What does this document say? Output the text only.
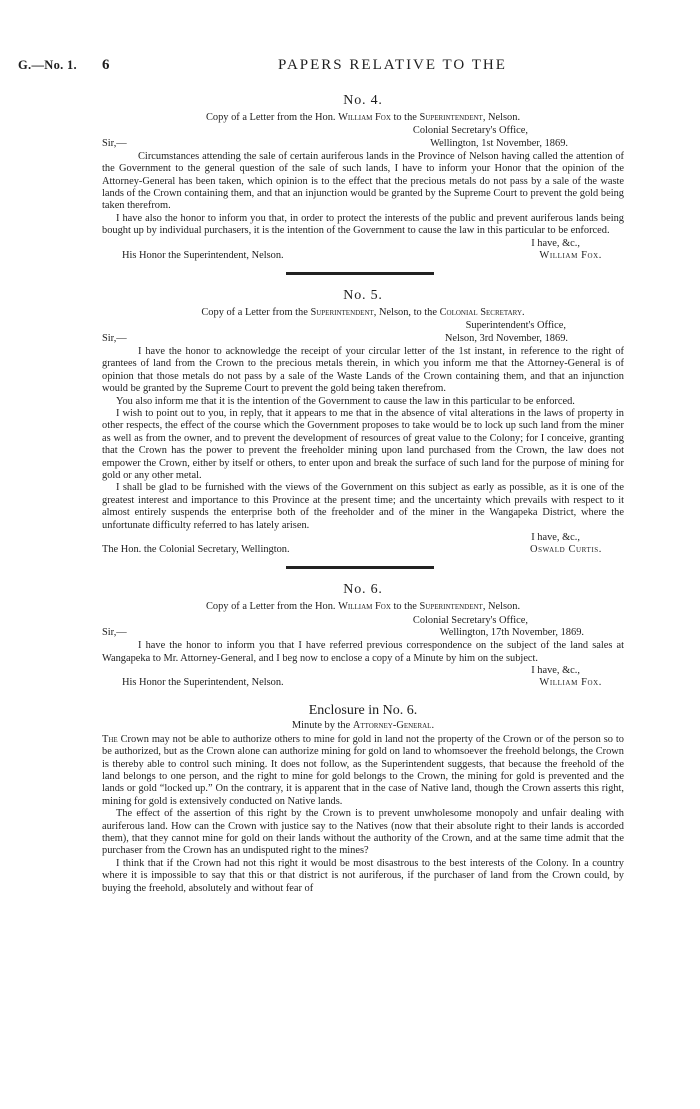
G.—No. 1. 6	PAPERS RELATIVE TO THE
No. 4.
Copy of a Letter from the Hon. William Fox to the Superintendent, Nelson.
Colonial Secretary's Office,
Sir,—	Wellington, 1st November, 1869.

Circumstances attending the sale of certain auriferous lands in the Province of Nelson having called the attention of the Government to the general question of the sale of such lands, I have to inform your Honor that the opinion of the Attorney-General has been taken, which opinion is to the effect that the precious metals do not pass by a sale of the waste lands of the Crown containing them, and that an injunction would be granted by the Supreme Court to prevent the gold being taken therefrom.

I have also the honor to inform you that, in order to protect the interests of the public and prevent auriferous lands being bought up by individual purchasers, it is the intention of the Government to cause the law in this particular to be enforced.

I have, &c.,
His Honor the Superintendent, Nelson.	William Fox.
No. 5.
Copy of a Letter from the Superintendent, Nelson, to the Colonial Secretary.
Superintendent's Office,
Sir,—	Nelson, 3rd November, 1869.

I have the honor to acknowledge the receipt of your circular letter of the 1st instant, in reference to the right of grantees of land from the Crown to the precious metals therein, in which you inform me that the Attorney-General is of opinion that those metals do not pass by a sale of the Waste Lands of the Crown containing them, and that an injunction would be granted by the Supreme Court to prevent the gold being taken therefrom.

You also inform me that it is the intention of the Government to cause the law in this particular to be enforced.

I wish to point out to you, in reply, that it appears to me that in the absence of vital alterations in the laws of property in other respects, the effect of the course which the Government proposes to take would be to lock up such land from the miner as well as from the owner, and to prevent the development of resources of great value to the Colony; for I conceive, granting that the Crown has the power to prevent the freeholder mining upon land purchased from the Crown, the law does not empower the Crown, either by itself or others, to enter upon and break the surface of such land for the purpose of mining for gold or any other metal.

I shall be glad to be furnished with the views of the Government on this subject as early as possible, as it is one of the greatest interest and importance to this Province at the present time; and the uncertainty which prevails with respect to it almost entirely suspends the enterprise both of the freeholder and of the miner in the Wangapeka District, where the unfortunate difficulty referred to has lately arisen.

I have, &c.,
The Hon. the Colonial Secretary, Wellington.	Oswald Curtis.
No. 6.
Copy of a Letter from the Hon. William Fox to the Superintendent, Nelson.
Colonial Secretary's Office,
Sir,—	Wellington, 17th November, 1869.

I have the honor to inform you that I have referred previous correspondence on the subject of the land sales at Wangapeka to Mr. Attorney-General, and I beg now to enclose a copy of a Minute by him on the subject.

I have, &c.,
His Honor the Superintendent, Nelson.	William Fox.
Enclosure in No. 6.
Minute by the Attorney-General.

The Crown may not be able to authorize others to mine for gold in land not the property of the Crown or of the person so to be authorized, but as the Crown alone can authorize mining for gold on land to whomsoever the freehold belongs, the Crown is thereby able to control such mining. It does not follow, as the Superintendent suggests, that because the freehold of the land belongs to one person, and the right to mine for gold belongs to the Crown, the mining for gold is prevented and the lands or gold “locked up.” On the contrary, it is apparent that in the case of Native land, though the Crown asserts this right, mining for gold is extensively conducted on Native lands.

The effect of the assertion of this right by the Crown is to prevent unwholesome monopoly and unfair dealing with auriferous land. How can the Crown with justice say to the Natives (now that their absolute right to their lands is accorded them), that they cannot mine for gold on their lands without the authority of the Crown, and at the same time admit that the purchaser from the Crown has an undisputed right to the mines?

I think that if the Crown had not this right it would be most disastrous to the best interests of the Colony. In a country where it is impossible to say that this or that district is not auriferous, if the purchaser of land from the Crown could, by buying the freehold, absolutely and without fear of
